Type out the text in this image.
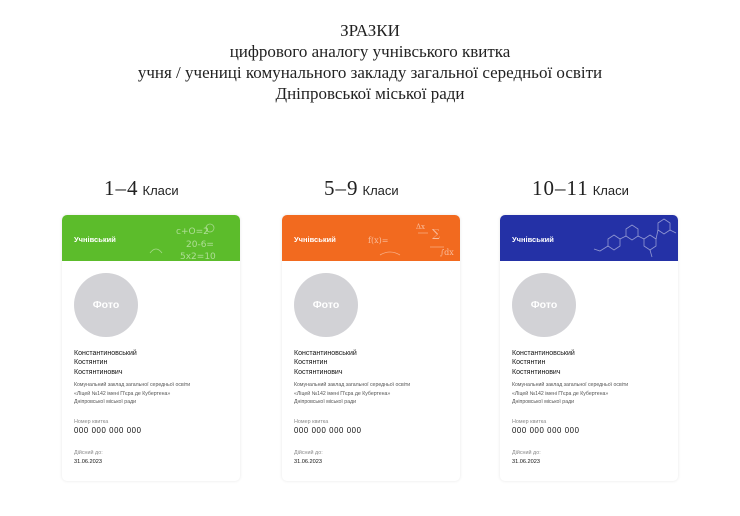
ЗРАЗКИ
цифрового аналогу учнівського квитка
учня / учениці комунального закладу загальної середньої освіти
Дніпровської міської ради
1–4 Класи	5–9 Класи	10–11 Класи
Учнівський
c+O=2
20-6=
5x2=10
Фото
Константиновський
Костянтин
Костянтинович
Комунальний заклад загальної середньої освіти
«Ліцей №142 імені П'єра де Кубертена»
Дніпровської міської ради
Номер квитка
000 000 000 000
Дійсний до:
31.06.2023
Учнівський	f(x)=
Δx ∑
∫dx
Фото
Константиновський
Костянтин
Костянтинович
Комунальний заклад загальної середньої освіти
«Ліцей №142 імені П'єра де Кубертена»
Дніпровської міської ради
Номер квитка
000 000 000 000
Дійсний до:
31.06.2023
Учнівський
Фото
Константиновський
Костянтин
Костянтинович
Комунальний заклад загальної середньої освіти
«Ліцей №142 імені П'єра де Кубертена»
Дніпровської міської ради
Номер квитка
000 000 000 000
Дійсний до:
31.06.2023
